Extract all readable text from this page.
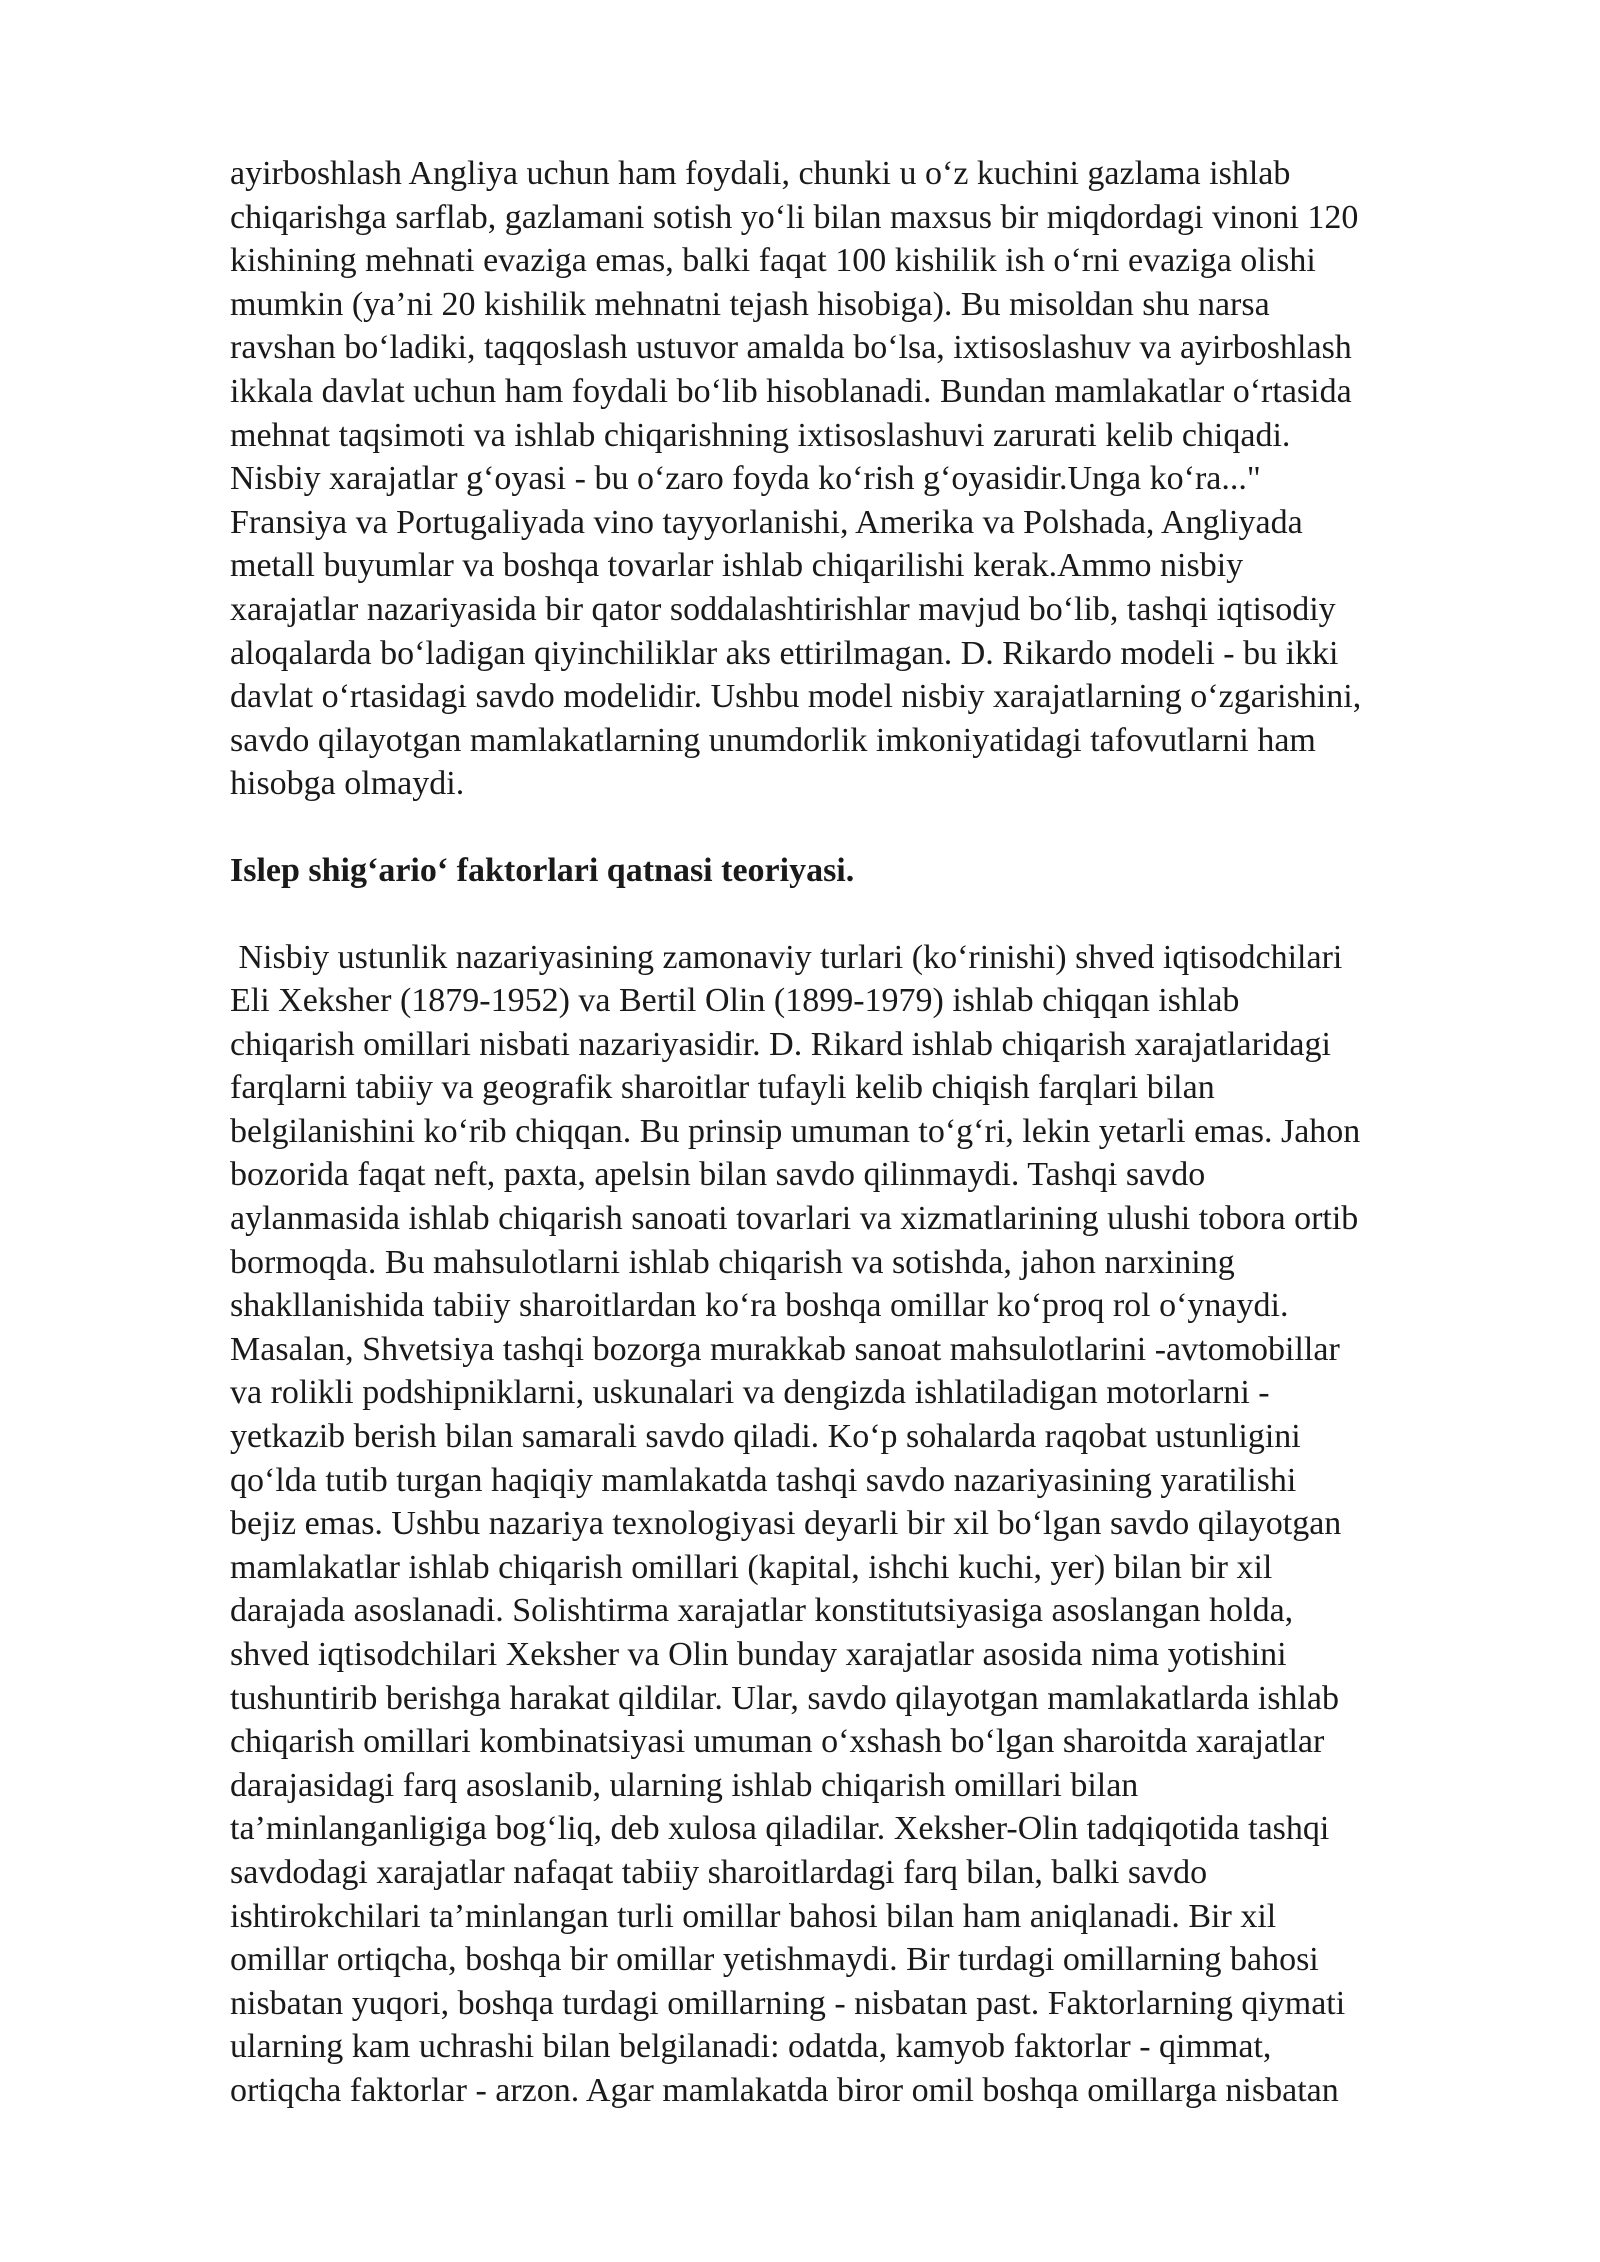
ayirboshlash Angliya uchun ham foydali, chunki u o‘z kuchini gazlama ishlab
chiqarishga sarflab, gazlamani sotish yo‘li bilan maxsus bir miqdordagi vinoni 120
kishining mehnati evaziga emas, balki faqat 100 kishilik ish o‘rni evaziga olishi
mumkin (ya’ni 20 kishilik mehnatni tejash hisobiga). Bu misoldan shu narsa
ravshan bo‘ladiki, taqqoslash ustuvor amalda bo‘lsa, ixtisoslashuv va ayirboshlash
ikkala davlat uchun ham foydali bo‘lib hisoblanadi. Bundan mamlakatlar o‘rtasida
mehnat taqsimoti va ishlab chiqarishning ixtisoslashuvi zarurati kelib chiqadi.
Nisbiy xarajatlar g‘oyasi - bu o‘zaro foyda ko‘rish g‘oyasidir.Unga ko‘ra..."
Fransiya va Portugaliyada vino tayyorlanishi, Amerika va Polshada, Angliyada
metall buyumlar va boshqa tovarlar ishlab chiqarilishi kerak.Ammo nisbiy
xarajatlar nazariyasida bir qator soddalashtirishlar mavjud bo‘lib, tashqi iqtisodiy
aloqalarda bo‘ladigan qiyinchiliklar aks ettirilmagan. D. Rikardo modeli - bu ikki
davlat o‘rtasidagi savdo modelidir. Ushbu model nisbiy xarajatlarning o‘zgarishini,
savdo qilayotgan mamlakatlarning unumdorlik imkoniyatidagi tafovutlarni ham
hisobga olmaydi.

Islep shig‘ario‘ faktorlari qatnasi teoriyasi.

Nisbiy ustunlik nazariyasining zamonaviy turlari (ko‘rinishi) shved iqtisodchilari
Eli Xeksher (1879-1952) va Bertil Olin (1899-1979) ishlab chiqqan ishlab
chiqarish omillari nisbati nazariyasidir. D. Rikard ishlab chiqarish xarajatlaridagi
farqlarni tabiiy va geografik sharoitlar tufayli kelib chiqish farqlari bilan
belgilanishini ko‘rib chiqqan. Bu prinsip umuman to‘g‘ri, lekin yetarli emas. Jahon
bozorida faqat neft, paxta, apelsin bilan savdo qilinmaydi. Tashqi savdo
aylanmasida ishlab chiqarish sanoati tovarlari va xizmatlarining ulushi tobora ortib
bormoqda. Bu mahsulotlarni ishlab chiqarish va sotishda, jahon narxining
shakllanishida tabiiy sharoitlardan ko‘ra boshqa omillar ko‘proq rol o‘ynaydi.
Masalan, Shvetsiya tashqi bozorga murakkab sanoat mahsulotlarini -avtomobillar
va rolikli podshipniklarni, uskunalari va dengizda ishlatiladigan motorlarni -
yetkazib berish bilan samarali savdo qiladi. Ko‘p sohalarda raqobat ustunligini
qo‘lda tutib turgan haqiqiy mamlakatda tashqi savdo nazariyasining yaratilishi
bejiz emas. Ushbu nazariya texnologiyasi deyarli bir xil bo‘lgan savdo qilayotgan
mamlakatlar ishlab chiqarish omillari (kapital, ishchi kuchi, yer) bilan bir xil
darajada asoslanadi. Solishtirma xarajatlar konstitutsiyasiga asoslangan holda,
shved iqtisodchilari Xeksher va Olin bunday xarajatlar asosida nima yotishini
tushuntirib berishga harakat qildilar. Ular, savdo qilayotgan mamlakatlarda ishlab
chiqarish omillari kombinatsiyasi umuman o‘xshash bo‘lgan sharoitda xarajatlar
darajasidagi farq asoslanib, ularning ishlab chiqarish omillari bilan
ta’minlanganligiga bog‘liq, deb xulosa qiladilar. Xeksher-Olin tadqiqotida tashqi
savdodagi xarajatlar nafaqat tabiiy sharoitlardagi farq bilan, balki savdo
ishtirokchilari ta’minlangan turli omillar bahosi bilan ham aniqlanadi. Bir xil
omillar ortiqcha, boshqa bir omillar yetishmaydi. Bir turdagi omillarning bahosi
nisbatan yuqori, boshqa turdagi omillarning - nisbatan past. Faktorlarning qiymati
ularning kam uchrashi bilan belgilanadi: odatda, kamyob faktorlar - qimmat,
ortiqcha faktorlar - arzon. Agar mamlakatda biror omil boshqa omillarga nisbatan
